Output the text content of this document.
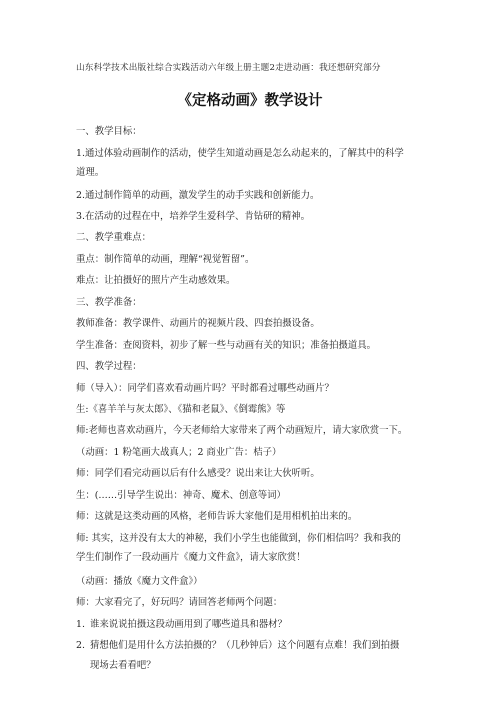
山东科学技术出版社综合实践活动六年级上册主题2走进动画：我还想研究部分
《定格动画》教学设计
一、教学目标：
1.通过体验动画制作的活动，使学生知道动画是怎么动起来的，了解其中的科学
道理。
2.通过制作简单的动画，激发学生的动手实践和创新能力。
3.在活动的过程在中，培养学生爱科学、肯钻研的精神。
二、教学重难点：
重点：制作简单的动画，理解“视觉暂留”。
难点：让拍摄好的照片产生动感效果。
三、教学准备：
教师准备：教学课件、动画片的视频片段、四套拍摄设备。
学生准备：查阅资料，初步了解一些与动画有关的知识；准备拍摄道具。
四、教学过程：
师（导入）：同学们喜欢看动画片吗？平时都看过哪些动画片？
生:《喜羊羊与灰太郎》、《猫和老鼠》、《倒霉熊》等
师:老师也喜欢动画片，今天老师给大家带来了两个动画短片，请大家欣赏一下。
（动画：1 粉笔画大战真人；2 商业广告：桔子）
师：同学们看完动画以后有什么感受？说出来让大伙听听。
生：(……引导学生说出：神奇、魔术、创意等词）
师：这就是这类动画的风格，老师告诉大家他们是用相机拍出来的。
师: 其实，这并没有太大的神秘，我们小学生也能做到，你们相信吗？我和我的
学生们制作了一段动画片《魔力文件盒》，请大家欣赏！
（动画：播放《魔力文件盒》）
师：大家看完了，好玩吗？请回答老师两个问题：
1. 谁来说说拍摄这段动画用到了哪些道具和器材？
2. 猜想他们是用什么方法拍摄的？（几秒钟后）这个问题有点难！我们到拍摄
现场去看看吧？
